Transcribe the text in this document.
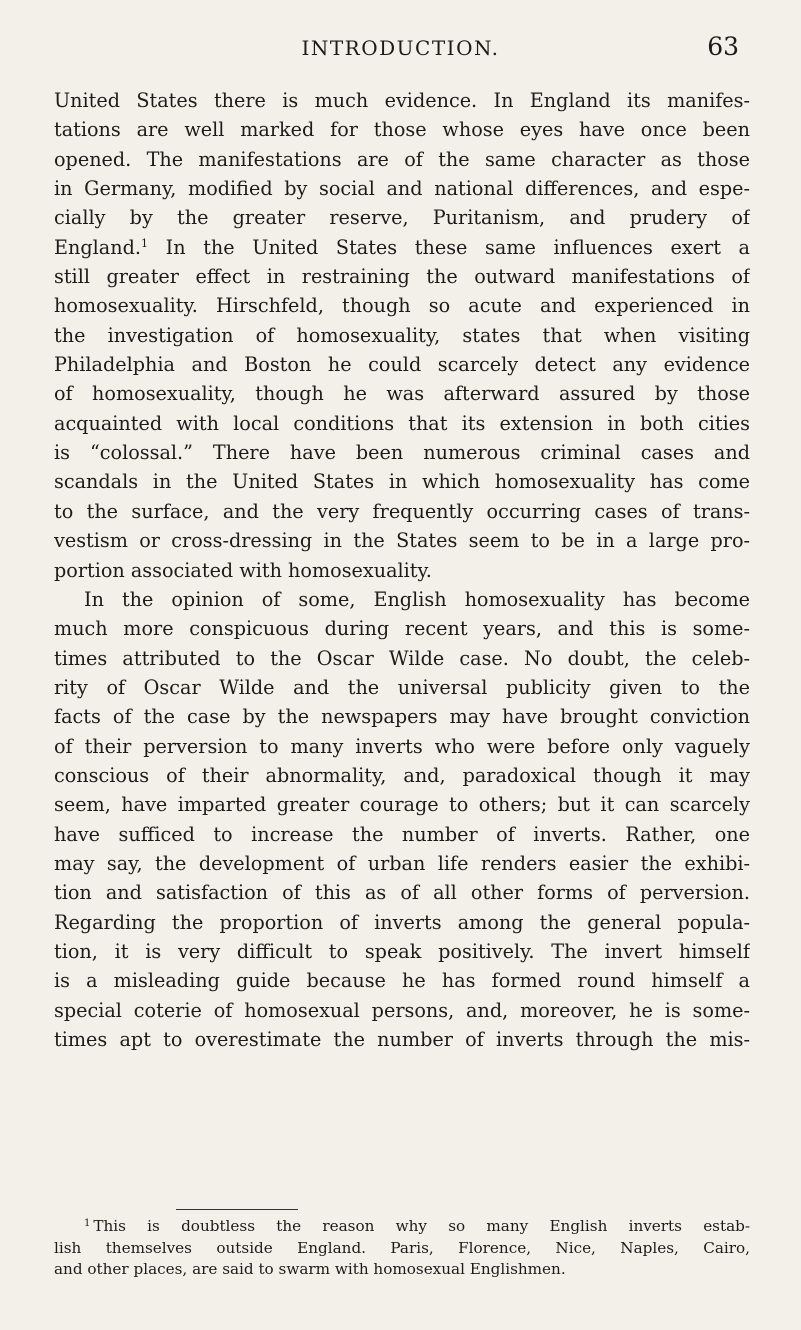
INTRODUCTION.	63
United States there is much evidence. In England its manifes-
tations are well marked for those whose eyes have once been
opened. The manifestations are of the same character as those
in Germany, modified by social and national differences, and espe-
cially by the greater reserve, Puritanism, and prudery of
England.$^1$ In the United States these same influences exert a
still greater effect in restraining the outward manifestations of
homosexuality. Hirschfeld, though so acute and experienced in
the investigation of homosexuality, states that when visiting
Philadelphia and Boston he could scarcely detect any evidence
of homosexuality, though he was afterward assured by those
acquainted with local conditions that its extension in both cities
is “colossal.” There have been numerous criminal cases and
scandals in the United States in which homosexuality has come
to the surface, and the very frequently occurring cases of trans-
vestism or cross-dressing in the States seem to be in a large pro-
portion associated with homosexuality.
In the opinion of some, English homosexuality has become
much more conspicuous during recent years, and this is some-
times attributed to the Oscar Wilde case. No doubt, the celeb-
rity of Oscar Wilde and the universal publicity given to the
facts of the case by the newspapers may have brought conviction
of their perversion to many inverts who were before only vaguely
conscious of their abnormality, and, paradoxical though it may
seem, have imparted greater courage to others; but it can scarcely
have sufficed to increase the number of inverts. Rather, one
may say, the development of urban life renders easier the exhibi-
tion and satisfaction of this as of all other forms of perversion.
Regarding the proportion of inverts among the general popula-
tion, it is very difficult to speak positively. The invert himself
is a misleading guide because he has formed round himself a
special coterie of homosexual persons, and, moreover, he is some-
times apt to overestimate the number of inverts through the mis-
$^1$ This is doubtless the reason why so many English inverts estab-
lish themselves outside England. Paris, Florence, Nice, Naples, Cairo,
and other places, are said to swarm with homosexual Englishmen.
